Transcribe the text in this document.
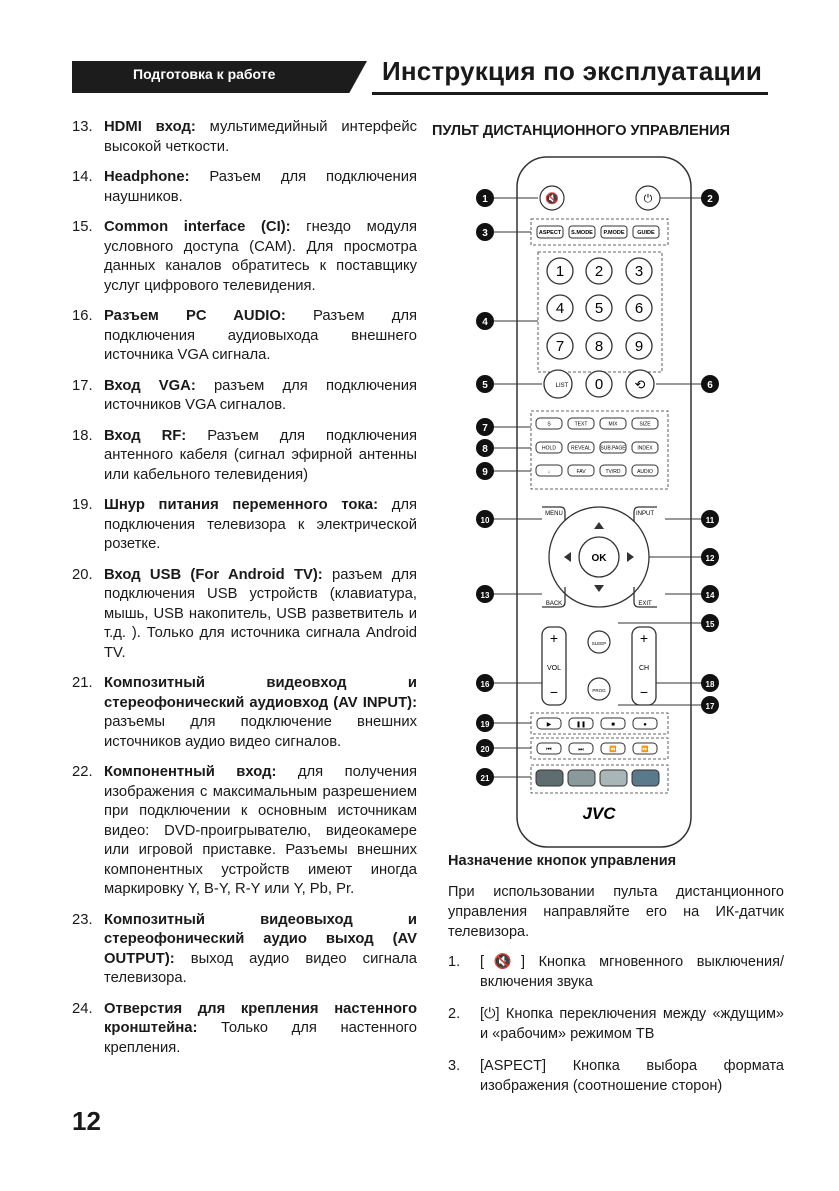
Подготовка к работе	Инструкция по эксплуатации
13. HDMI вход: мультимедийный интерфейс высокой четкости.
14. Headphone: Разъем для подключения наушников.
15. Common interface (CI): гнездо модуля условного доступа (CAM). Для просмотра данных каналов обратитесь к поставщику услуг цифрового телевидения.
16. Разъем PC AUDIO: Разъем для подключения аудиовыхода внешнего источника VGA сигнала.
17. Вход VGA: разъем для подключения источников VGA сигналов.
18. Вход RF: Разъем для подключения антенного кабеля (сигнал эфирной антенны или кабельного телевидения)
19. Шнур питания переменного тока: для подключения телевизора к электрической розетке.
20. Вход USB (For Android TV): разъем для подключения USB устройств (клавиатура, мышь, USB накопитель, USB разветвитель и т.д. ). Только для источника сигнала Android TV.
21. Композитный видеовход и стереофонический аудиовход (AV INPUT): разъемы для подключение внешних источников аудио видео сигналов.
22. Компонентный вход: для получения изображения с максимальным разрешением при подключении к основным источникам видео: DVD-проигрывателю, видеокамере или игровой приставке. Разъемы внешних компонентных устройств имеют иногда маркировку Y, B-Y, R-Y или Y, Pb, Pr.
23. Композитный видеовыход и стереофонический аудио выход (AV OUTPUT): выход аудио видео сигнала телевизора.
24. Отверстия для крепления настенного кронштейна: Только для настенного крепления.
ПУЛЬТ ДИСТАНЦИОННОГО УПРАВЛЕНИЯ
🔇	⏻
ASPECT S.MODE P.MODE GUIDE
1 2 3
4 5 6
7 8 9
0
LIST	⟲
S	TEXT	MIX	SIZE
HOLD	REVEAL SUB.PAGE INDEX
↓	FAV	TV/RD	AUDIO
MENU	INPUT
OK
BACK	EXIT
+
VOL
−
+
CH
−
SLEEP
PROG
▶	❚❚	■	●
⏮	⏭	⏪	⏩
JVC
1	2
3
4
5	6
7
8
9
10	11
12
13	14
15
16
17
18
19
20
21
Назначение кнопок управления
При использовании пульта дистанционного управления направляйте его на ИК-датчик телевизора.
1.	[🔇] Кнопка мгновенного выключения/включения звука
2.	[⏻] Кнопка переключения между «ждущим» и «рабочим» режимом ТВ
3.	[ASPECT] Кнопка выбора формата изображения (соотношение сторон)
12
